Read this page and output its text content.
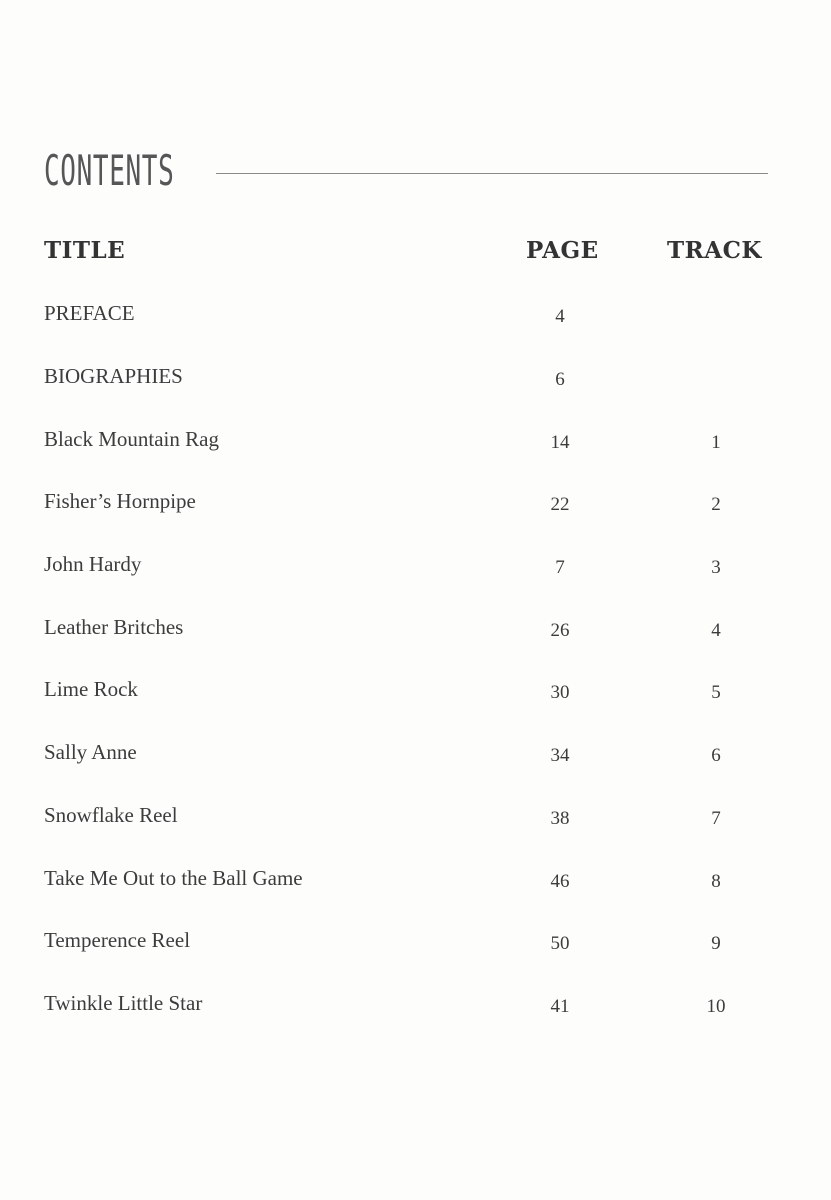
CONTENTS
TITLE	PAGE	TRACK
PREFACE	4
BIOGRAPHIES	6
Black Mountain Rag	14	1
Fisher’s Hornpipe	22	2
John Hardy	7	3
Leather Britches	26	4
Lime Rock	30	5
Sally Anne	34	6
Snowflake Reel	38	7
Take Me Out to the Ball Game	46	8
Temperence Reel	50	9
Twinkle Little Star	41	10
